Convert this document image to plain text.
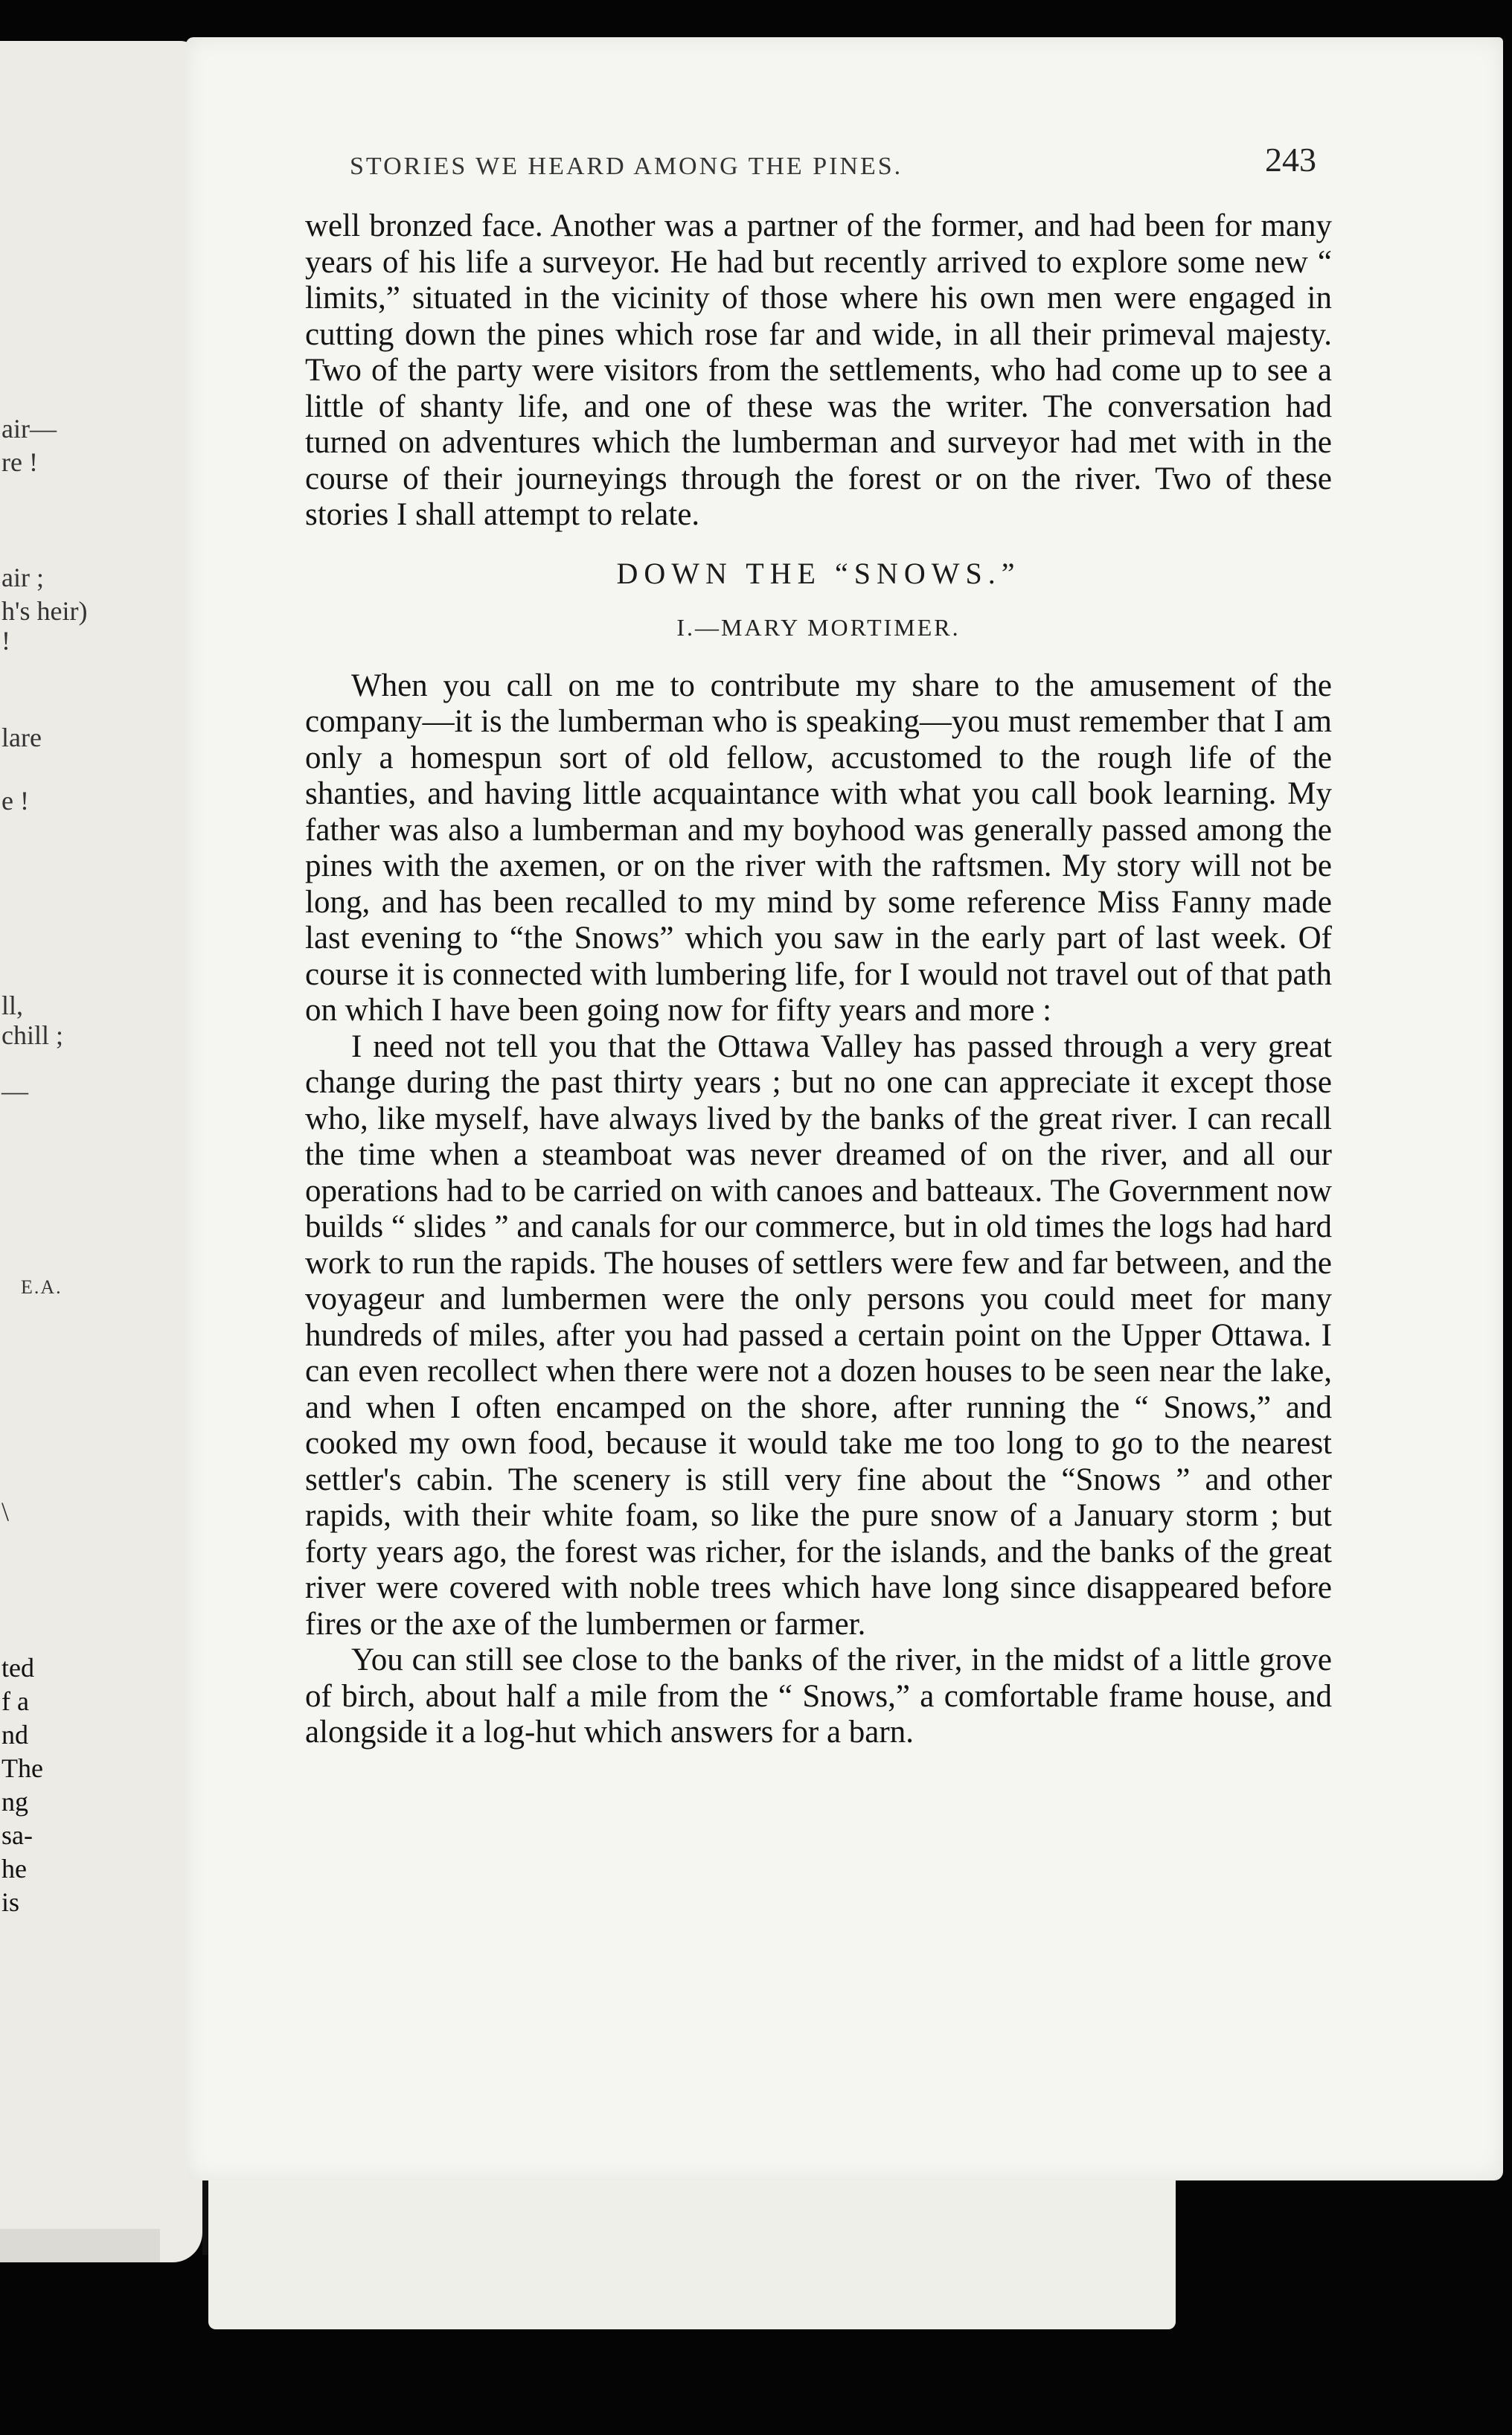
air—

re !

air ;

h's heir)

!

lare

e !

ll,

chill ;

—

E.A.

\

ted

f a

nd

The

ng

sa-

he

is

STORIES WE HEARD AMONG THE PINES.	243

well bronzed face. Another was a partner of the former, and had been for many years of his life a surveyor. He had but recently arrived to explore some new “ limits,” situated in the vicinity of those where his own men were engaged in cutting down the pines which rose far and wide, in all their primeval majesty. Two of the party were visitors from the settlements, who had come up to see a little of shanty life, and one of these was the writer. The conversation had turned on adventures which the lumberman and surveyor had met with in the course of their journeyings through the forest or on the river. Two of these stories I shall attempt to relate.

DOWN THE “SNOWS.”
I.—MARY MORTIMER.

When you call on me to contribute my share to the amusement of the company—it is the lumberman who is speaking—you must remember that I am only a homespun sort of old fellow, accustomed to the rough life of the shanties, and having little acquaintance with what you call book learning. My father was also a lumberman and my boyhood was generally passed among the pines with the axemen, or on the river with the raftsmen. My story will not be long, and has been recalled to my mind by some reference Miss Fanny made last evening to “the Snows” which you saw in the early part of last week. Of course it is connected with lumbering life, for I would not travel out of that path on which I have been going now for fifty years and more :

I need not tell you that the Ottawa Valley has passed through a very great change during the past thirty years ; but no one can appreciate it except those who, like myself, have always lived by the banks of the great river. I can recall the time when a steamboat was never dreamed of on the river, and all our operations had to be carried on with canoes and batteaux. The Government now builds “ slides ” and canals for our commerce, but in old times the logs had hard work to run the rapids. The houses of settlers were few and far between, and the voyageur and lumbermen were the only persons you could meet for many hundreds of miles, after you had passed a certain point on the Upper Ottawa. I can even recollect when there were not a dozen houses to be seen near the lake, and when I often encamped on the shore, after running the “ Snows,” and cooked my own food, because it would take me too long to go to the nearest settler's cabin. The scenery is still very fine about the “Snows ” and other rapids, with their white foam, so like the pure snow of a January storm ; but forty years ago, the forest was richer, for the islands, and the banks of the great river were covered with noble trees which have long since disappeared before fires or the axe of the lumbermen or farmer.

You can still see close to the banks of the river, in the midst of a little grove of birch, about half a mile from the “ Snows,” a comfortable frame house, and alongside it a log-hut which answers for a barn.
